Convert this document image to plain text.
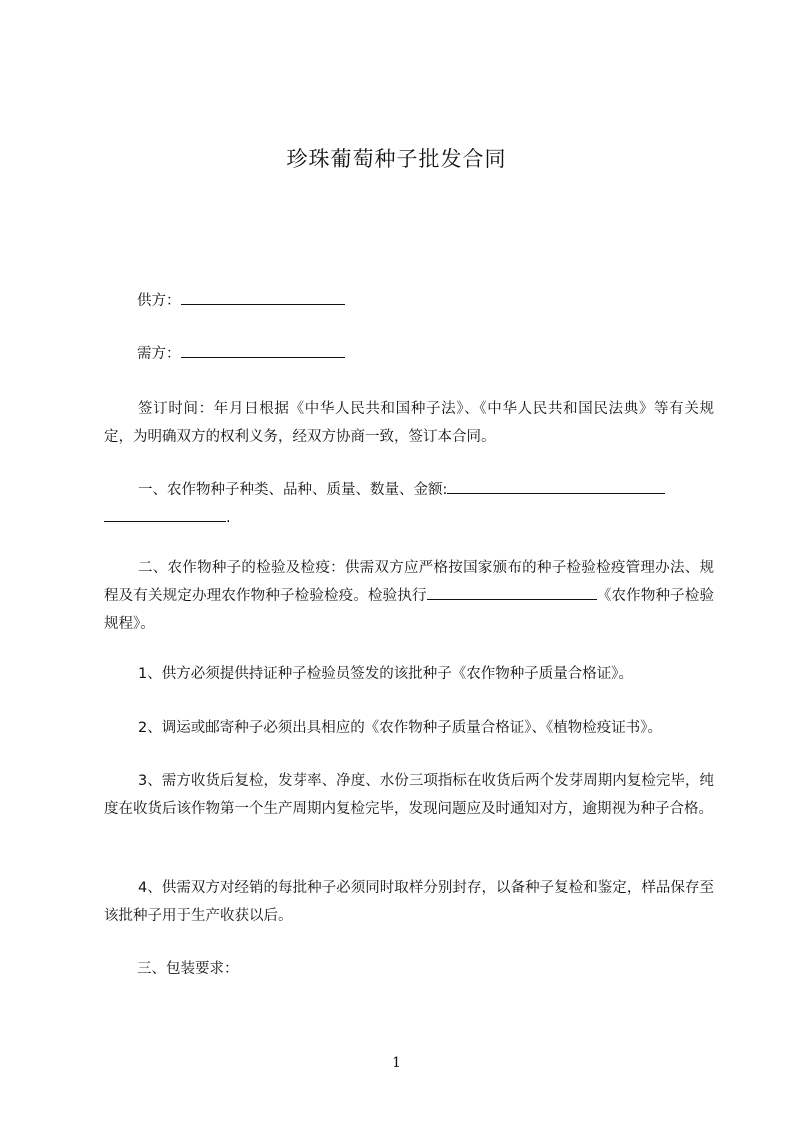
珍珠葡萄种子批发合同
供方：
需方：
签订时间：年月日根据《中华人民共和国种子法》、《中华人民共和国民法典》等有关规定，为明确双方的权利义务，经双方协商一致，签订本合同。
一、农作物种子种类、品种、质量、数量、金额:
.
二、农作物种子的检验及检疫：供需双方应严格按国家颁布的种子检验检疫管理办法、规程及有关规定办理农作物种子检验检疫。检验执行	《农作物种子检验规程》。
1、供方必须提供持证种子检验员签发的该批种子《农作物种子质量合格证》。
2、调运或邮寄种子必须出具相应的《农作物种子质量合格证》、《植物检疫证书》。
3、需方收货后复检，发芽率、净度、水份三项指标在收货后两个发芽周期内复检完毕，纯度在收货后该作物第一个生产周期内复检完毕，发现问题应及时通知对方，逾期视为种子合格。
4、供需双方对经销的每批种子必须同时取样分别封存，以备种子复检和鉴定，样品保存至该批种子用于生产收获以后。
三、包装要求：
1
